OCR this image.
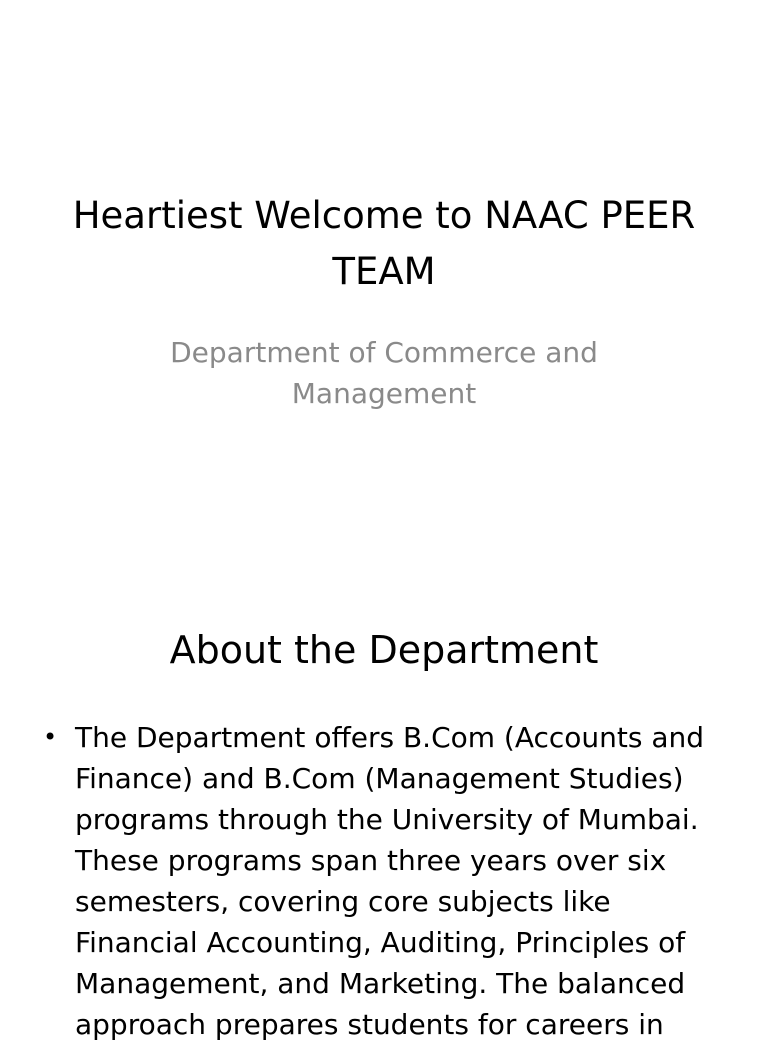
Heartiest Welcome to NAAC PEER TEAM

Department of Commerce and Management

About the Department
• The Department offers B.Com (Accounts and Finance) and B.Com (Management Studies) programs through the University of Mumbai. These programs span three years over six semesters, covering core subjects like Financial Accounting, Auditing, Principles of Management, and Marketing. The balanced approach prepares students for careers in
